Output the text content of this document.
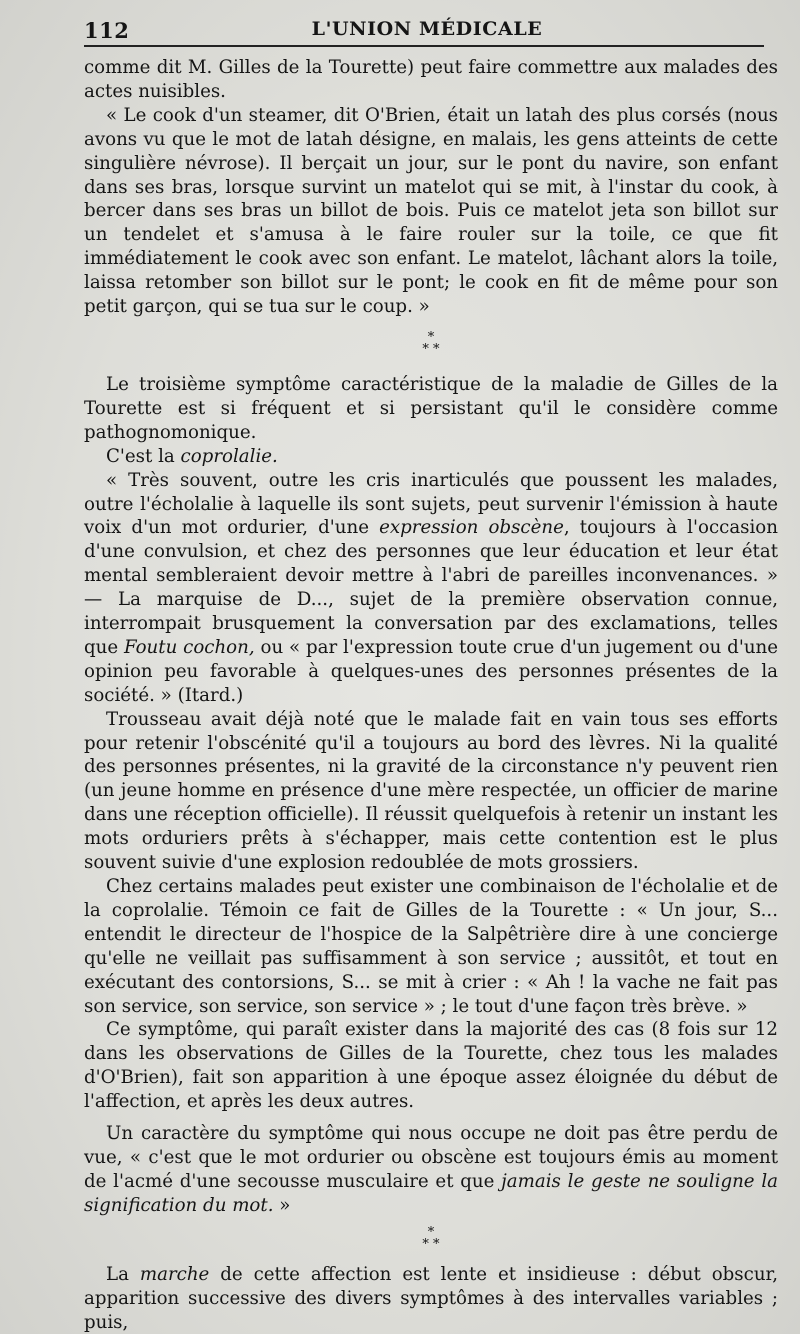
112	L'UNION MÉDICALE

comme dit M. Gilles de la Tourette) peut faire commettre aux malades des actes nuisibles.

« Le cook d'un steamer, dit O'Brien, était un latah des plus corsés (nous avons vu que le mot de latah désigne, en malais, les gens atteints de cette singulière névrose). Il berçait un jour, sur le pont du navire, son enfant dans ses bras, lorsque survint un matelot qui se mit, à l'instar du cook, à bercer dans ses bras un billot de bois. Puis ce matelot jeta son billot sur un tendelet et s'amusa à le faire rouler sur la toile, ce que fit immédiatement le cook avec son enfant. Le matelot, lâchant alors la toile, laissa retomber son billot sur le pont; le cook en fit de même pour son petit garçon, qui se tua sur le coup. »

*
* *

Le troisième symptôme caractéristique de la maladie de Gilles de la Tourette est si fréquent et si persistant qu'il le considère comme pathognomonique.

C'est la coprolalie.

« Très souvent, outre les cris inarticulés que poussent les malades, outre l'écholalie à laquelle ils sont sujets, peut survenir l'émission à haute voix d'un mot ordurier, d'une expression obscène, toujours à l'occasion d'une convulsion, et chez des personnes que leur éducation et leur état mental sembleraient devoir mettre à l'abri de pareilles inconvenances. » — La marquise de D..., sujet de la première observation connue, interrompait brusquement la conversation par des exclamations, telles que Foutu cochon, ou « par l'expression toute crue d'un jugement ou d'une opinion peu favorable à quelques-unes des personnes présentes de la société. » (Itard.)

Trousseau avait déjà noté que le malade fait en vain tous ses efforts pour retenir l'obscénité qu'il a toujours au bord des lèvres. Ni la qualité des personnes présentes, ni la gravité de la circonstance n'y peuvent rien (un jeune homme en présence d'une mère respectée, un officier de marine dans une réception officielle). Il réussit quelquefois à retenir un instant les mots orduriers prêts à s'échapper, mais cette contention est le plus souvent suivie d'une explosion redoublée de mots grossiers.

Chez certains malades peut exister une combinaison de l'écholalie et de la coprolalie. Témoin ce fait de Gilles de la Tourette : « Un jour, S... entendit le directeur de l'hospice de la Salpêtrière dire à une concierge qu'elle ne veillait pas suffisamment à son service ; aussitôt, et tout en exécutant des contorsions, S... se mit à crier : « Ah ! la vache ne fait pas son service, son service, son service » ; le tout d'une façon très brève. »

Ce symptôme, qui paraît exister dans la majorité des cas (8 fois sur 12 dans les observations de Gilles de la Tourette, chez tous les malades d'O'Brien), fait son apparition à une époque assez éloignée du début de l'affection, et après les deux autres.

Un caractère du symptôme qui nous occupe ne doit pas être perdu de vue, « c'est que le mot ordurier ou obscène est toujours émis au moment de l'acmé d'une secousse musculaire et que jamais le geste ne souligne la signification du mot. »

*
* *

La marche de cette affection est lente et insidieuse : début obscur, apparition successive des divers symptômes à des intervalles variables ; puis,
